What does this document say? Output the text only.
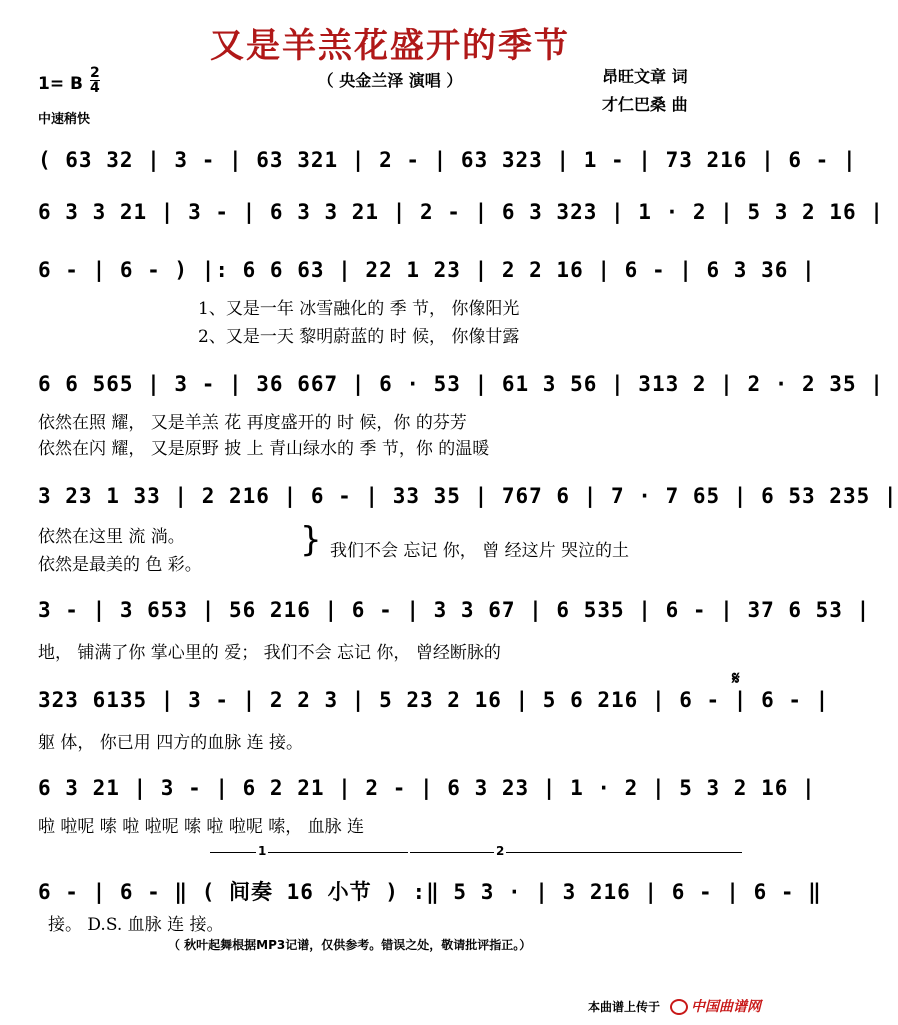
又是羊羔花盛开的季节
（ 央金兰泽 演唱 ）	昂旺文章 词
才仁巴桑 曲
1= B
2
4
中速稍快
( 63 32 | 3 - | 63 321 | 2 - | 63 323 | 1 - | 73 216 | 6 - |
6 3 3 21 | 3 - | 6 3 3 21 | 2 - | 6 3 323 | 1 · 2 | 5 3 2 16 |
6 - | 6 - ) |: 6 6 63 | 22 1 23 | 2 2 16 | 6 - | 6 3 36 |
1、又是一年 冰雪融化的 季 节， 你像阳光
2、又是一天 黎明蔚蓝的 时 候， 你像甘露
6 6 565 | 3 - | 36 667 | 6 · 53 | 61 3 56 | 313 2 | 2 · 2 35 |
依然在照 耀， 又是羊羔 花 再度盛开的 时 候，你 的芬芳
依然在闪 耀， 又是原野 披 上 青山绿水的 季 节，你 的温暖
3 23 1 33 | 2 216 | 6 - | 33 35 | 767 6 | 7 · 7 65 | 6 53 235 |
依然在这里 流 淌。
依然是最美的 色 彩。
} 我们不会 忘记 你， 曾 经这片 哭泣的土
3 - | 3 653 | 56 216 | 6 - | 3 3 67 | 6 535 | 6 - | 37 6 53 |
地， 铺满了你 掌心里的 爱； 我们不会 忘记 你， 曾经断脉的
323 6135 | 3 - | 2 2 3 | 5 23 2 16 | 5 6 216 | 6 - | 6 - |
躯 体， 你已用 四方的血脉 连 接。
𝄋
6 3 21 | 3 - | 6 2 21 | 2 - | 6 3 23 | 1 · 2 | 5 3 2 16 |
啦 啦呢 嗦 啦 啦呢 嗦 啦 啦呢 嗦， 血脉 连
1	2
6 - | 6 - ‖ ( 间奏 16 小节 ) :‖ 5 3 · | 3 216 | 6 - | 6 - ‖
接。 D.S. 血脉 连 接。
（ 秋叶起舞根据MP3记谱，仅供参考。错误之处，敬请批评指正。）
本曲谱上传于	中国曲谱网
